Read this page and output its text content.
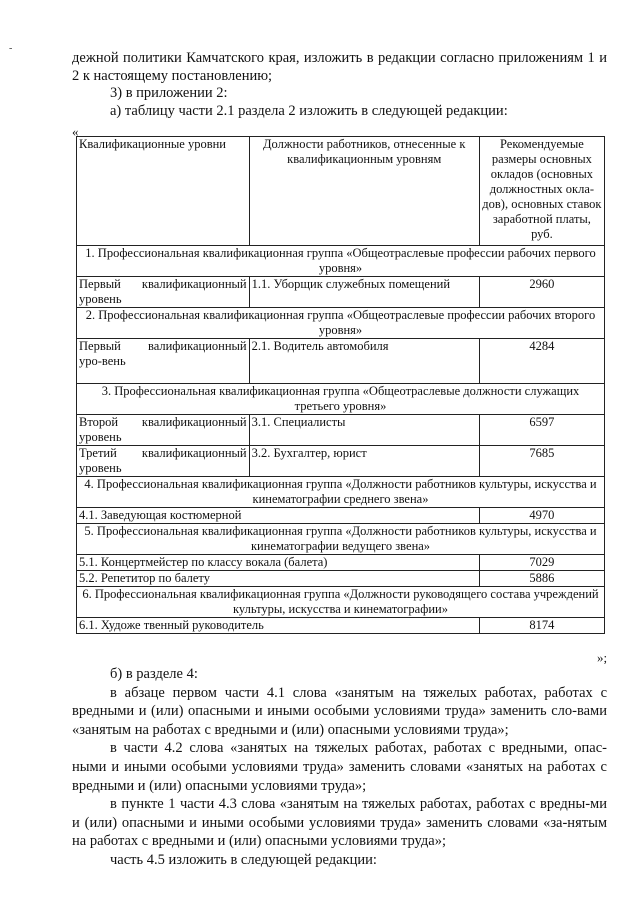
-

дежной политики Камчатского края, изложить в редакции согласно приложениям 1 и 2 к настоящему постановлению;

3) в приложении 2:

а) таблицу части 2.1 раздела 2 изложить в следующей редакции:

«
Квалификационные уровни	Должности работников, отнесенные к квалификационным уровням	Рекомендуемые размеры основных окладов (основных должностных окла-дов), основных ставок заработной платы, руб.
1. Профессиональная квалификационная группа «Общеотраслевые профессии рабочих первого уровня»		
Первый квалификационный уровень	1.1. Уборщик служебных помещений	2960
2. Профессиональная квалификационная группа «Общеотраслевые профессии рабочих второго уровня»		
Первый валификационный уро-вень	2.1. Водитель автомобиля	4284
3. Профессиональная квалификационная группа «Общеотраслевые должности служащих третьего уровня»		
Второй квалификационный уровень	3.1. Специалисты	6597
Третий квалификационный уровень	3.2. Бухгалтер, юрист	7685
4. Профессиональная квалификационная группа «Должности работников культуры, искусства и кинематографии среднего звена»		
4.1. Заведующая костюмерной		4970
5. Профессиональная квалификационная группа «Должности работников культуры, искусства и кинематографии ведущего звена»		
5.1. Концертмейстер по классу вокала (балета)		7029
5.2. Репетитор по балету		5886
6. Профессиональная квалификационная группа «Должности руководящего состава учреждений культуры, искусства и кинематографии»		
6.1. Художе твенный руководитель		8174
»;

б) в разделе 4:

в абзаце первом части 4.1 слова «занятым на тяжелых работах, работах с вредными и (или) опасными и иными особыми условиями труда» заменить сло-вами «занятым на работах с вредными и (или) опасными условиями труда»;

в части 4.2 слова «занятых на тяжелых работах, работах с вредными, опас-ными и иными особыми условиями труда» заменить словами «занятых на работах с вредными и (или) опасными условиями труда»;

в пункте 1 части 4.3 слова «занятым на тяжелых работах, работах с вредны-ми и (или) опасными и иными особыми условиями труда» заменить словами «за-нятым на работах с вредными и (или) опасными условиями труда»;

часть 4.5 изложить в следующей редакции:
